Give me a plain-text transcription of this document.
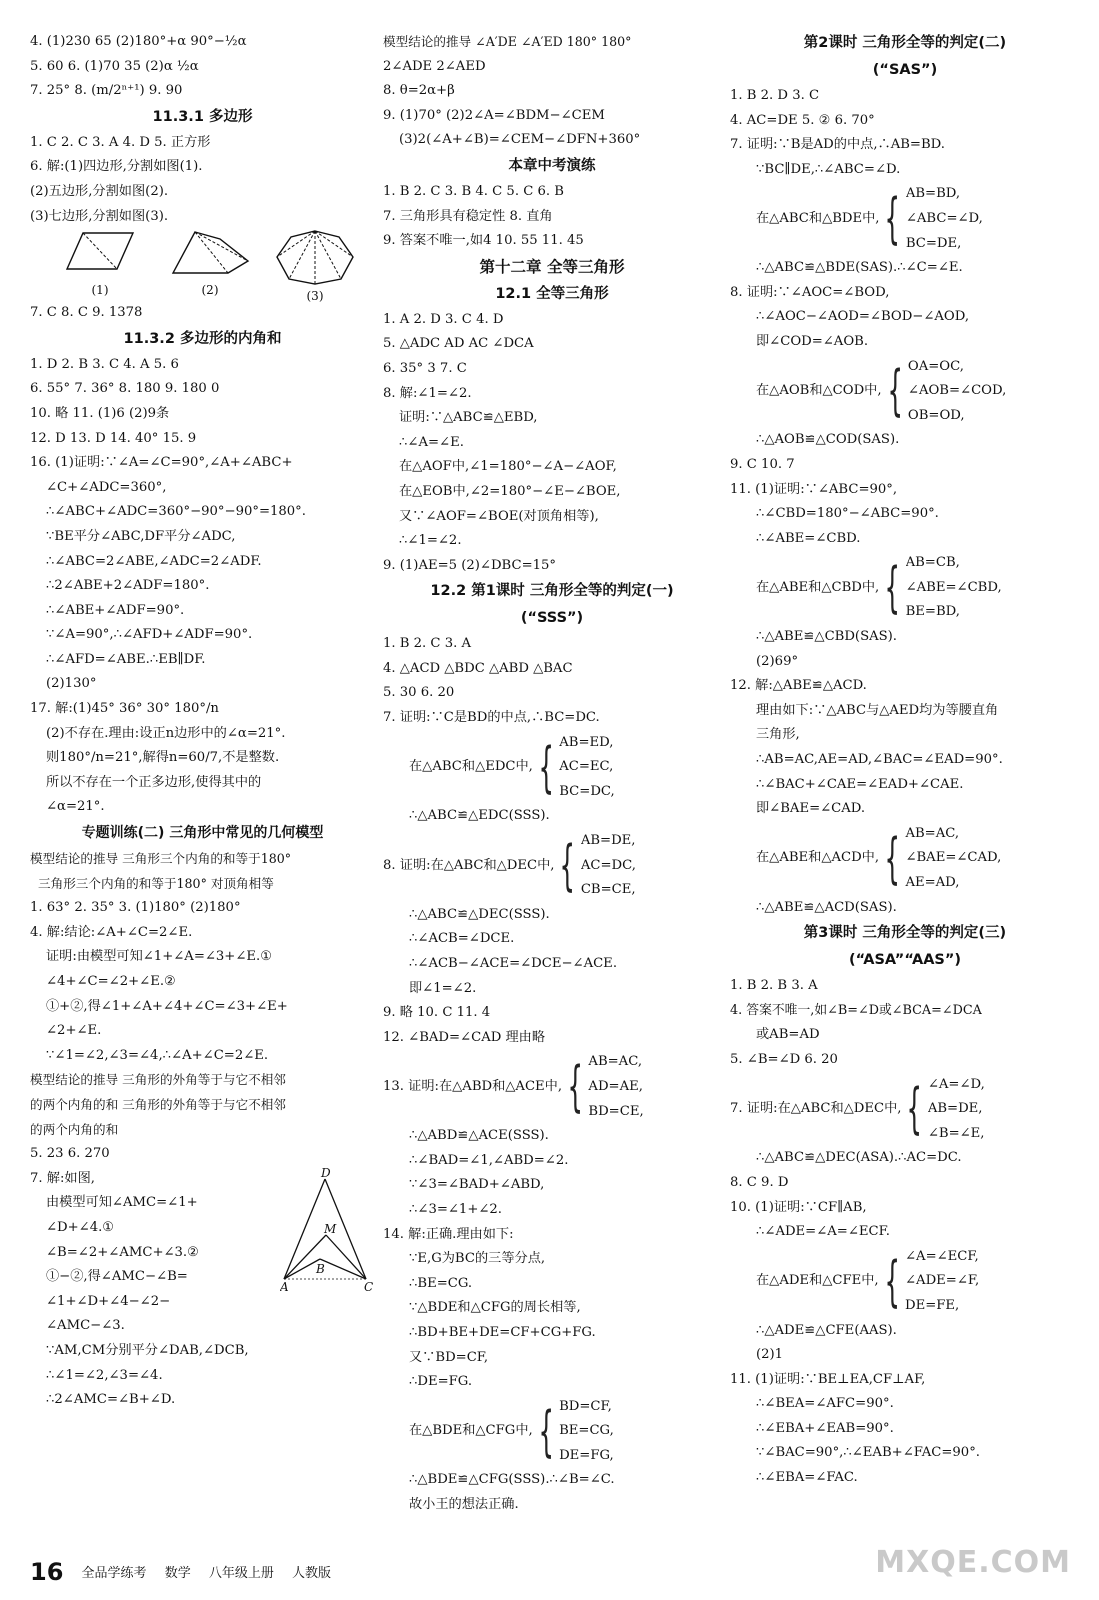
4. (1)230 65 (2)180°+α 90°−½α
5. 60 6. (1)70 35 (2)α ½α
7. 25° 8. (m/2ⁿ⁺¹) 9. 90
11.3.1 多边形
1. C 2. C 3. A 4. D 5. 正方形
6. 解:(1)四边形,分割如图(1).
(2)五边形,分割如图(2).
(3)七边形,分割如图(3).
(1)	(2)	(3)
7. C 8. C 9. 1378
11.3.2 多边形的内角和
1. D 2. B 3. C 4. A 5. 6
6. 55° 7. 36° 8. 180 9. 180 0
10. 略 11. (1)6 (2)9条
12. D 13. D 14. 40° 15. 9
16. (1)证明:∵∠A=∠C=90°,∠A+∠ABC+
∠C+∠ADC=360°,
∴∠ABC+∠ADC=360°−90°−90°=180°.
∵BE平分∠ABC,DF平分∠ADC,
∴∠ABC=2∠ABE,∠ADC=2∠ADF.
∴2∠ABE+2∠ADF=180°.
∴∠ABE+∠ADF=90°.
∵∠A=90°,∴∠AFD+∠ADF=90°.
∴∠AFD=∠ABE.∴EB∥DF.
(2)130°
17. 解:(1)45° 36° 30° 180°/n
(2)不存在.理由:设正n边形中的∠α=21°.
则180°/n=21°,解得n=60/7,不是整数.
所以不存在一个正多边形,使得其中的
∠α=21°.
专题训练(二) 三角形中常见的几何模型
模型结论的推导 三角形三个内角的和等于180°
三角形三个内角的和等于180° 对顶角相等
1. 63° 2. 35° 3. (1)180° (2)180°
4. 解:结论:∠A+∠C=2∠E.
证明:由模型可知∠1+∠A=∠3+∠E.①
∠4+∠C=∠2+∠E.②
①+②,得∠1+∠A+∠4+∠C=∠3+∠E+
∠2+∠E.
∵∠1=∠2,∠3=∠4,∴∠A+∠C=2∠E.
模型结论的推导 三角形的外角等于与它不相邻
的两个内角的和 三角形的外角等于与它不相邻
的两个内角的和
5. 23 6. 270
7. 解:如图,
由模型可知∠AMC=∠1+
∠D+∠4.①
∠B=∠2+∠AMC+∠3.②
①−②,得∠AMC−∠B=
∠1+∠D+∠4−∠2−
∠AMC−∠3.
∵AM,CM分别平分∠DAB,∠DCB,
∴∠1=∠2,∠3=∠4.
∴2∠AMC=∠B+∠D.
D
M
B
A	C
模型结论的推导 ∠A′DE ∠A′ED 180° 180°
2∠ADE 2∠AED
8. θ=2α+β
9. (1)70° (2)2∠A=∠BDM−∠CEM
(3)2(∠A+∠B)=∠CEM−∠DFN+360°
本章中考演练
1. B 2. C 3. B 4. C 5. C 6. B
7. 三角形具有稳定性 8. 直角
9. 答案不唯一,如4 10. 55 11. 45
第十二章 全等三角形
12.1 全等三角形
1. A 2. D 3. C 4. D
5. △ADC AD AC ∠DCA
6. 35° 3 7. C
8. 解:∠1=∠2.
证明:∵△ABC≌△EBD,
∴∠A=∠E.
在△AOF中,∠1=180°−∠A−∠AOF,
在△EOB中,∠2=180°−∠E−∠BOE,
又∵∠AOF=∠BOE(对顶角相等),
∴∠1=∠2.
9. (1)AE=5 (2)∠DBC=15°
12.2 第1课时 三角形全等的判定(一)
(“SSS”)
1. B 2. C 3. A
4. △ACD △BDC △ABD △BAC
5. 30 6. 20
7. 证明:∵C是BD的中点,∴BC=DC.
在△ABC和△EDC中, { AB=ED,
AC=EC,
BC=DC,
∴△ABC≌△EDC(SSS).
8. 证明:在△ABC和△DEC中, { AB=DE,
AC=DC,
CB=CE,
∴△ABC≌△DEC(SSS).
∴∠ACB=∠DCE.
∴∠ACB−∠ACE=∠DCE−∠ACE.
即∠1=∠2.
9. 略 10. C 11. 4
12. ∠BAD=∠CAD 理由略
13. 证明:在△ABD和△ACE中, { AB=AC,
AD=AE,
BD=CE,
∴△ABD≌△ACE(SSS).
∴∠BAD=∠1,∠ABD=∠2.
∵∠3=∠BAD+∠ABD,
∴∠3=∠1+∠2.
14. 解:正确.理由如下:
∵E,G为BC的三等分点,
∴BE=CG.
∵△BDE和△CFG的周长相等,
∴BD+BE+DE=CF+CG+FG.
又∵BD=CF,
∴DE=FG.
在△BDE和△CFG中, { BD=CF,
BE=CG,
DE=FG,
∴△BDE≌△CFG(SSS).∴∠B=∠C.
故小王的想法正确.
第2课时 三角形全等的判定(二)
(“SAS”)
1. B 2. D 3. C
4. AC=DE 5. ② 6. 70°
7. 证明:∵B是AD的中点,∴AB=BD.
∵BC∥DE,∴∠ABC=∠D.
在△ABC和△BDE中, { AB=BD,
∠ABC=∠D,
BC=DE,
∴△ABC≌△BDE(SAS).∴∠C=∠E.
8. 证明:∵∠AOC=∠BOD,
∴∠AOC−∠AOD=∠BOD−∠AOD,
即∠COD=∠AOB.
在△AOB和△COD中, { OA=OC,
∠AOB=∠COD,
OB=OD,
∴△AOB≌△COD(SAS).
9. C 10. 7
11. (1)证明:∵∠ABC=90°,
∴∠CBD=180°−∠ABC=90°.
∴∠ABE=∠CBD.
在△ABE和△CBD中, { AB=CB,
∠ABE=∠CBD,
BE=BD,
∴△ABE≌△CBD(SAS).
(2)69°
12. 解:△ABE≌△ACD.
理由如下:∵△ABC与△AED均为等腰直角
三角形,
∴AB=AC,AE=AD,∠BAC=∠EAD=90°.
∴∠BAC+∠CAE=∠EAD+∠CAE.
即∠BAE=∠CAD.
在△ABE和△ACD中, { AB=AC,
∠BAE=∠CAD,
AE=AD,
∴△ABE≌△ACD(SAS).
第3课时 三角形全等的判定(三)
(“ASA”“AAS”)
1. B 2. B 3. A
4. 答案不唯一,如∠B=∠D或∠BCA=∠DCA
或AB=AD
5. ∠B=∠D 6. 20
7. 证明:在△ABC和△DEC中, { ∠A=∠D,
AB=DE,
∠B=∠E,
∴△ABC≌△DEC(ASA).∴AC=DC.
8. C 9. D
10. (1)证明:∵CF∥AB,
∴∠ADE=∠A=∠ECF.
在△ADE和△CFE中, { ∠A=∠ECF,
∠ADE=∠F,
DE=FE,
∴△ADE≌△CFE(AAS).
(2)1
11. (1)证明:∵BE⊥EA,CF⊥AF,
∴∠BEA=∠AFC=90°.
∴∠EBA+∠EAB=90°.
∵∠BAC=90°,∴∠EAB+∠FAC=90°.
∴∠EBA=∠FAC.
16 全品学练考 数学 八年级上册 人教版	MXQE.COM
